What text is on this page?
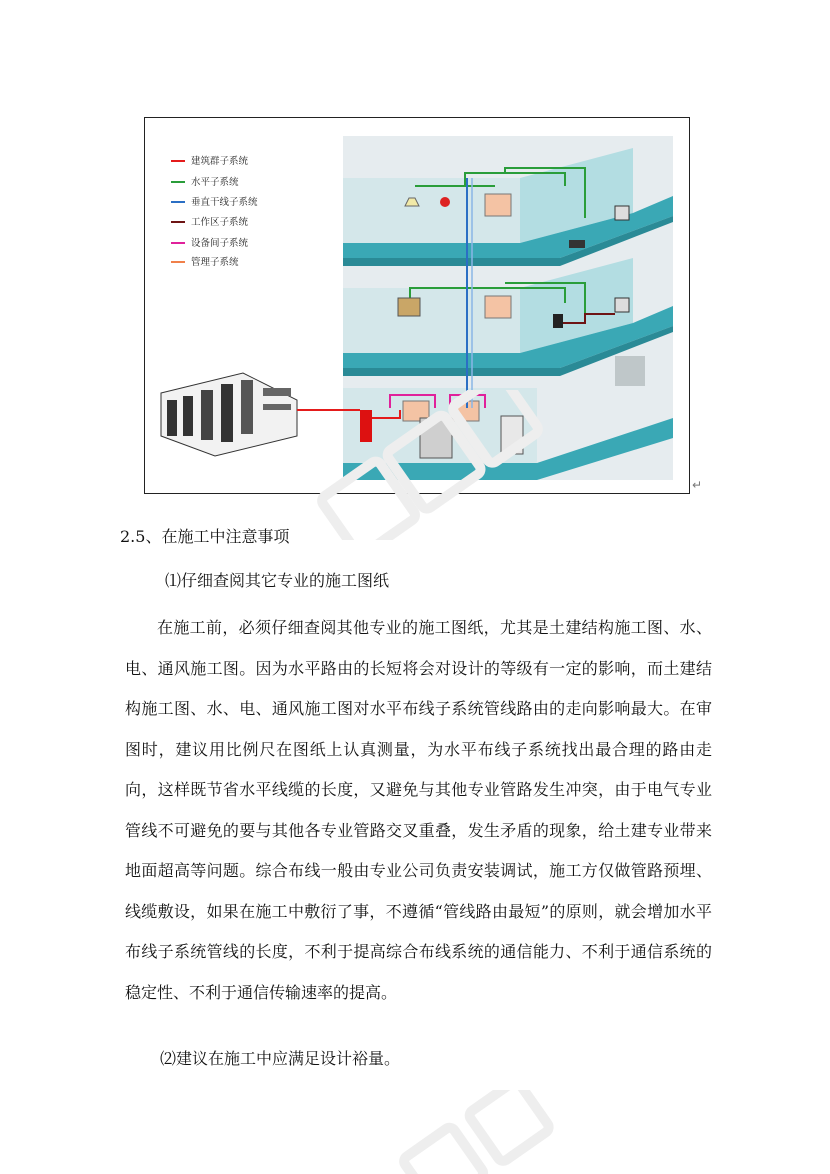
建筑群子系统
水平子系统
垂直干线子系统
工作区子系统
设备间子系统
管理子系统
↵
2.5、在施工中注意事项
⑴仔细查阅其它专业的施工图纸

在施工前，必须仔细查阅其他专业的施工图纸，尤其是土建结构施工图、水、电、通风施工图。因为水平路由的长短将会对设计的等级有一定的影响，而土建结构施工图、水、电、通风施工图对水平布线子系统管线路由的走向影响最大。在审图时，建议用比例尺在图纸上认真测量，为水平布线子系统找出最合理的路由走向，这样既节省水平线缆的长度，又避免与其他专业管路发生冲突，由于电气专业管线不可避免的要与其他各专业管路交叉重叠，发生矛盾的现象，给土建专业带来地面超高等问题。综合布线一般由专业公司负责安装调试，施工方仅做管路预埋、线缆敷设，如果在施工中敷衍了事，不遵循“管线路由最短”的原则，就会增加水平布线子系统管线的长度，不利于提高综合布线系统的通信能力、不利于通信系统的稳定性、不利于通信传输速率的提高。

⑵建议在施工中应满足设计裕量。
